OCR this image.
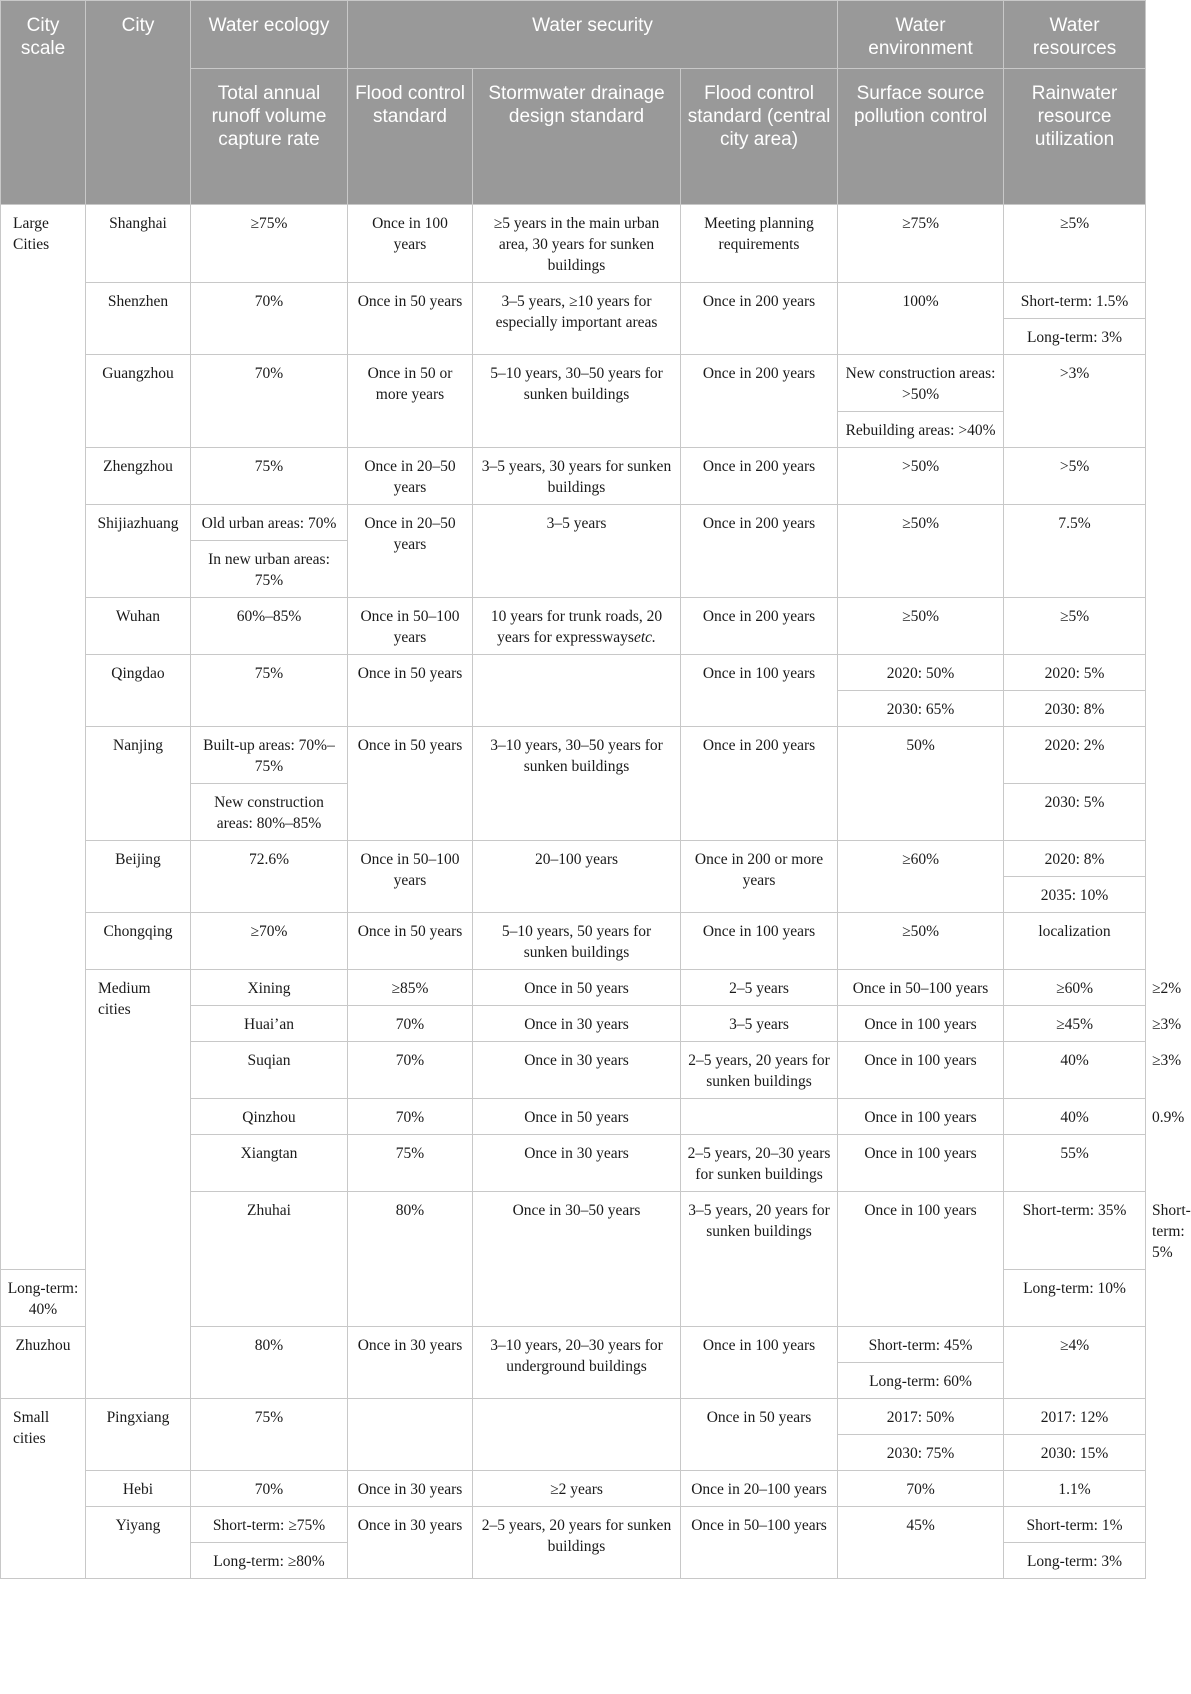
City scale	City	Water ecology	Water security			Water environment	Water resources	
		Total annual runoff volume capture rate	Flood control standard	Stormwater drainage design standard	Flood control standard (central city area)	Surface source pollution control	Rainwater resource utilization	
Large Cities	Shanghai	≥75%	Once in 100 years	≥5 years in the main urban area, 30 years for sunken buildings	Meeting planning requirements	≥75%	≥5%	
	Shenzhen	70%	Once in 50 years	3–5 years, ≥10 years for especially important areas	Once in 200 years	100%	Short-term: 1.5%	
							Long-term: 3%	
	Guangzhou	70%	Once in 50 or more years	5–10 years, 30–50 years for sunken buildings	Once in 200 years	New construction areas: >50%	>3%	
						Rebuilding areas: >40%		
	Zhengzhou	75%	Once in 20–50 years	3–5 years, 30 years for sunken buildings	Once in 200 years	>50%	>5%	
	Shijiazhuang	Old urban areas: 70%	Once in 20–50 years	3–5 years	Once in 200 years	≥50%	7.5%	
		In new urban areas: 75%						
	Wuhan	60%–85%	Once in 50–100 years	10 years for trunk roads, 20 years for expresswaysetc.	Once in 200 years	≥50%	≥5%	
	Qingdao	75%	Once in 50 years		Once in 100 years	2020: 50%	2020: 5%	
						2030: 65%	2030: 8%	
	Nanjing	Built-up areas: 70%–75%	Once in 50 years	3–10 years, 30–50 years for sunken buildings	Once in 200 years	50%	2020: 2%	
		New construction areas: 80%–85%					2030: 5%	
	Beijing	72.6%	Once in 50–100 years	20–100 years	Once in 200 or more years	≥60%	2020: 8%	
							2035: 10%	
	Chongqing	≥70%	Once in 50 years	5–10 years, 50 years for sunken buildings	Once in 100 years	≥50%	localization	
	Medium cities	Xining	≥85%	Once in 50 years	2–5 years	Once in 50–100 years	≥60%	≥2%
		Huai’an	70%	Once in 30 years	3–5 years	Once in 100 years	≥45%	≥3%
		Suqian	70%	Once in 30 years	2–5 years, 20 years for sunken buildings	Once in 100 years	40%	≥3%
		Qinzhou	70%	Once in 50 years		Once in 100 years	40%	0.9%
		Xiangtan	75%	Once in 30 years	2–5 years, 20–30 years for sunken buildings	Once in 100 years	55%	
		Zhuhai	80%	Once in 30–50 years	3–5 years, 20 years for sunken buildings	Once in 100 years	Short-term: 35%	Short-term: 5%
Long-term: 40%							Long-term: 10%	
Zhuzhou		80%	Once in 30 years	3–10 years, 20–30 years for underground buildings	Once in 100 years	Short-term: 45%	≥4%	
						Long-term: 60%		
Small cities	Pingxiang	75%			Once in 50 years	2017: 50%	2017: 12%	
						2030: 75%	2030: 15%	
	Hebi	70%	Once in 30 years	≥2 years	Once in 20–100 years	70%	1.1%	
	Yiyang	Short-term: ≥75%	Once in 30 years	2–5 years, 20 years for sunken buildings	Once in 50–100 years	45%	Short-term: 1%	
		Long-term: ≥80%					Long-term: 3%	
